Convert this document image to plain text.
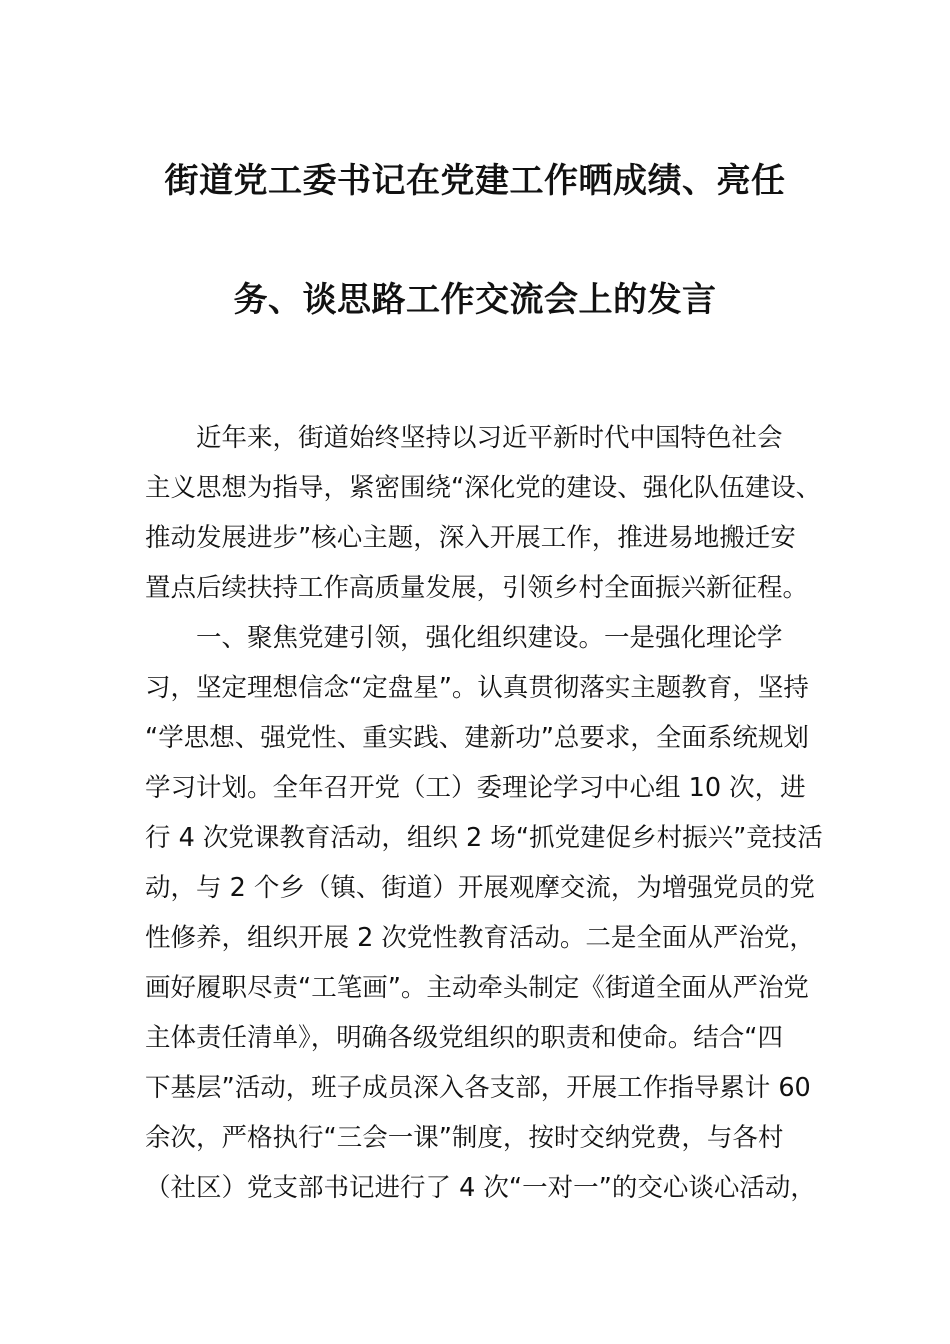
街道党工委书记在党建工作晒成绩、亮任
务、谈思路工作交流会上的发言
近年来，街道始终坚持以习近平新时代中国特色社会
主义思想为指导，紧密围绕“深化党的建设、强化队伍建设、
推动发展进步”核心主题，深入开展工作，推进易地搬迁安
置点后续扶持工作高质量发展，引领乡村全面振兴新征程。
一、聚焦党建引领，强化组织建设。一是强化理论学
习，坚定理想信念“定盘星”。认真贯彻落实主题教育，坚持
“学思想、强党性、重实践、建新功”总要求，全面系统规划
学习计划。全年召开党（工）委理论学习中心组 10 次，进
行 4 次党课教育活动，组织 2 场“抓党建促乡村振兴”竞技活
动，与 2 个乡（镇、街道）开展观摩交流，为增强党员的党
性修养，组织开展 2 次党性教育活动。二是全面从严治党，
画好履职尽责“工笔画”。主动牵头制定《街道全面从严治党
主体责任清单》，明确各级党组织的职责和使命。结合“四
下基层”活动，班子成员深入各支部，开展工作指导累计 60
余次，严格执行“三会一课”制度，按时交纳党费，与各村
（社区）党支部书记进行了 4 次“一对一”的交心谈心活动，
